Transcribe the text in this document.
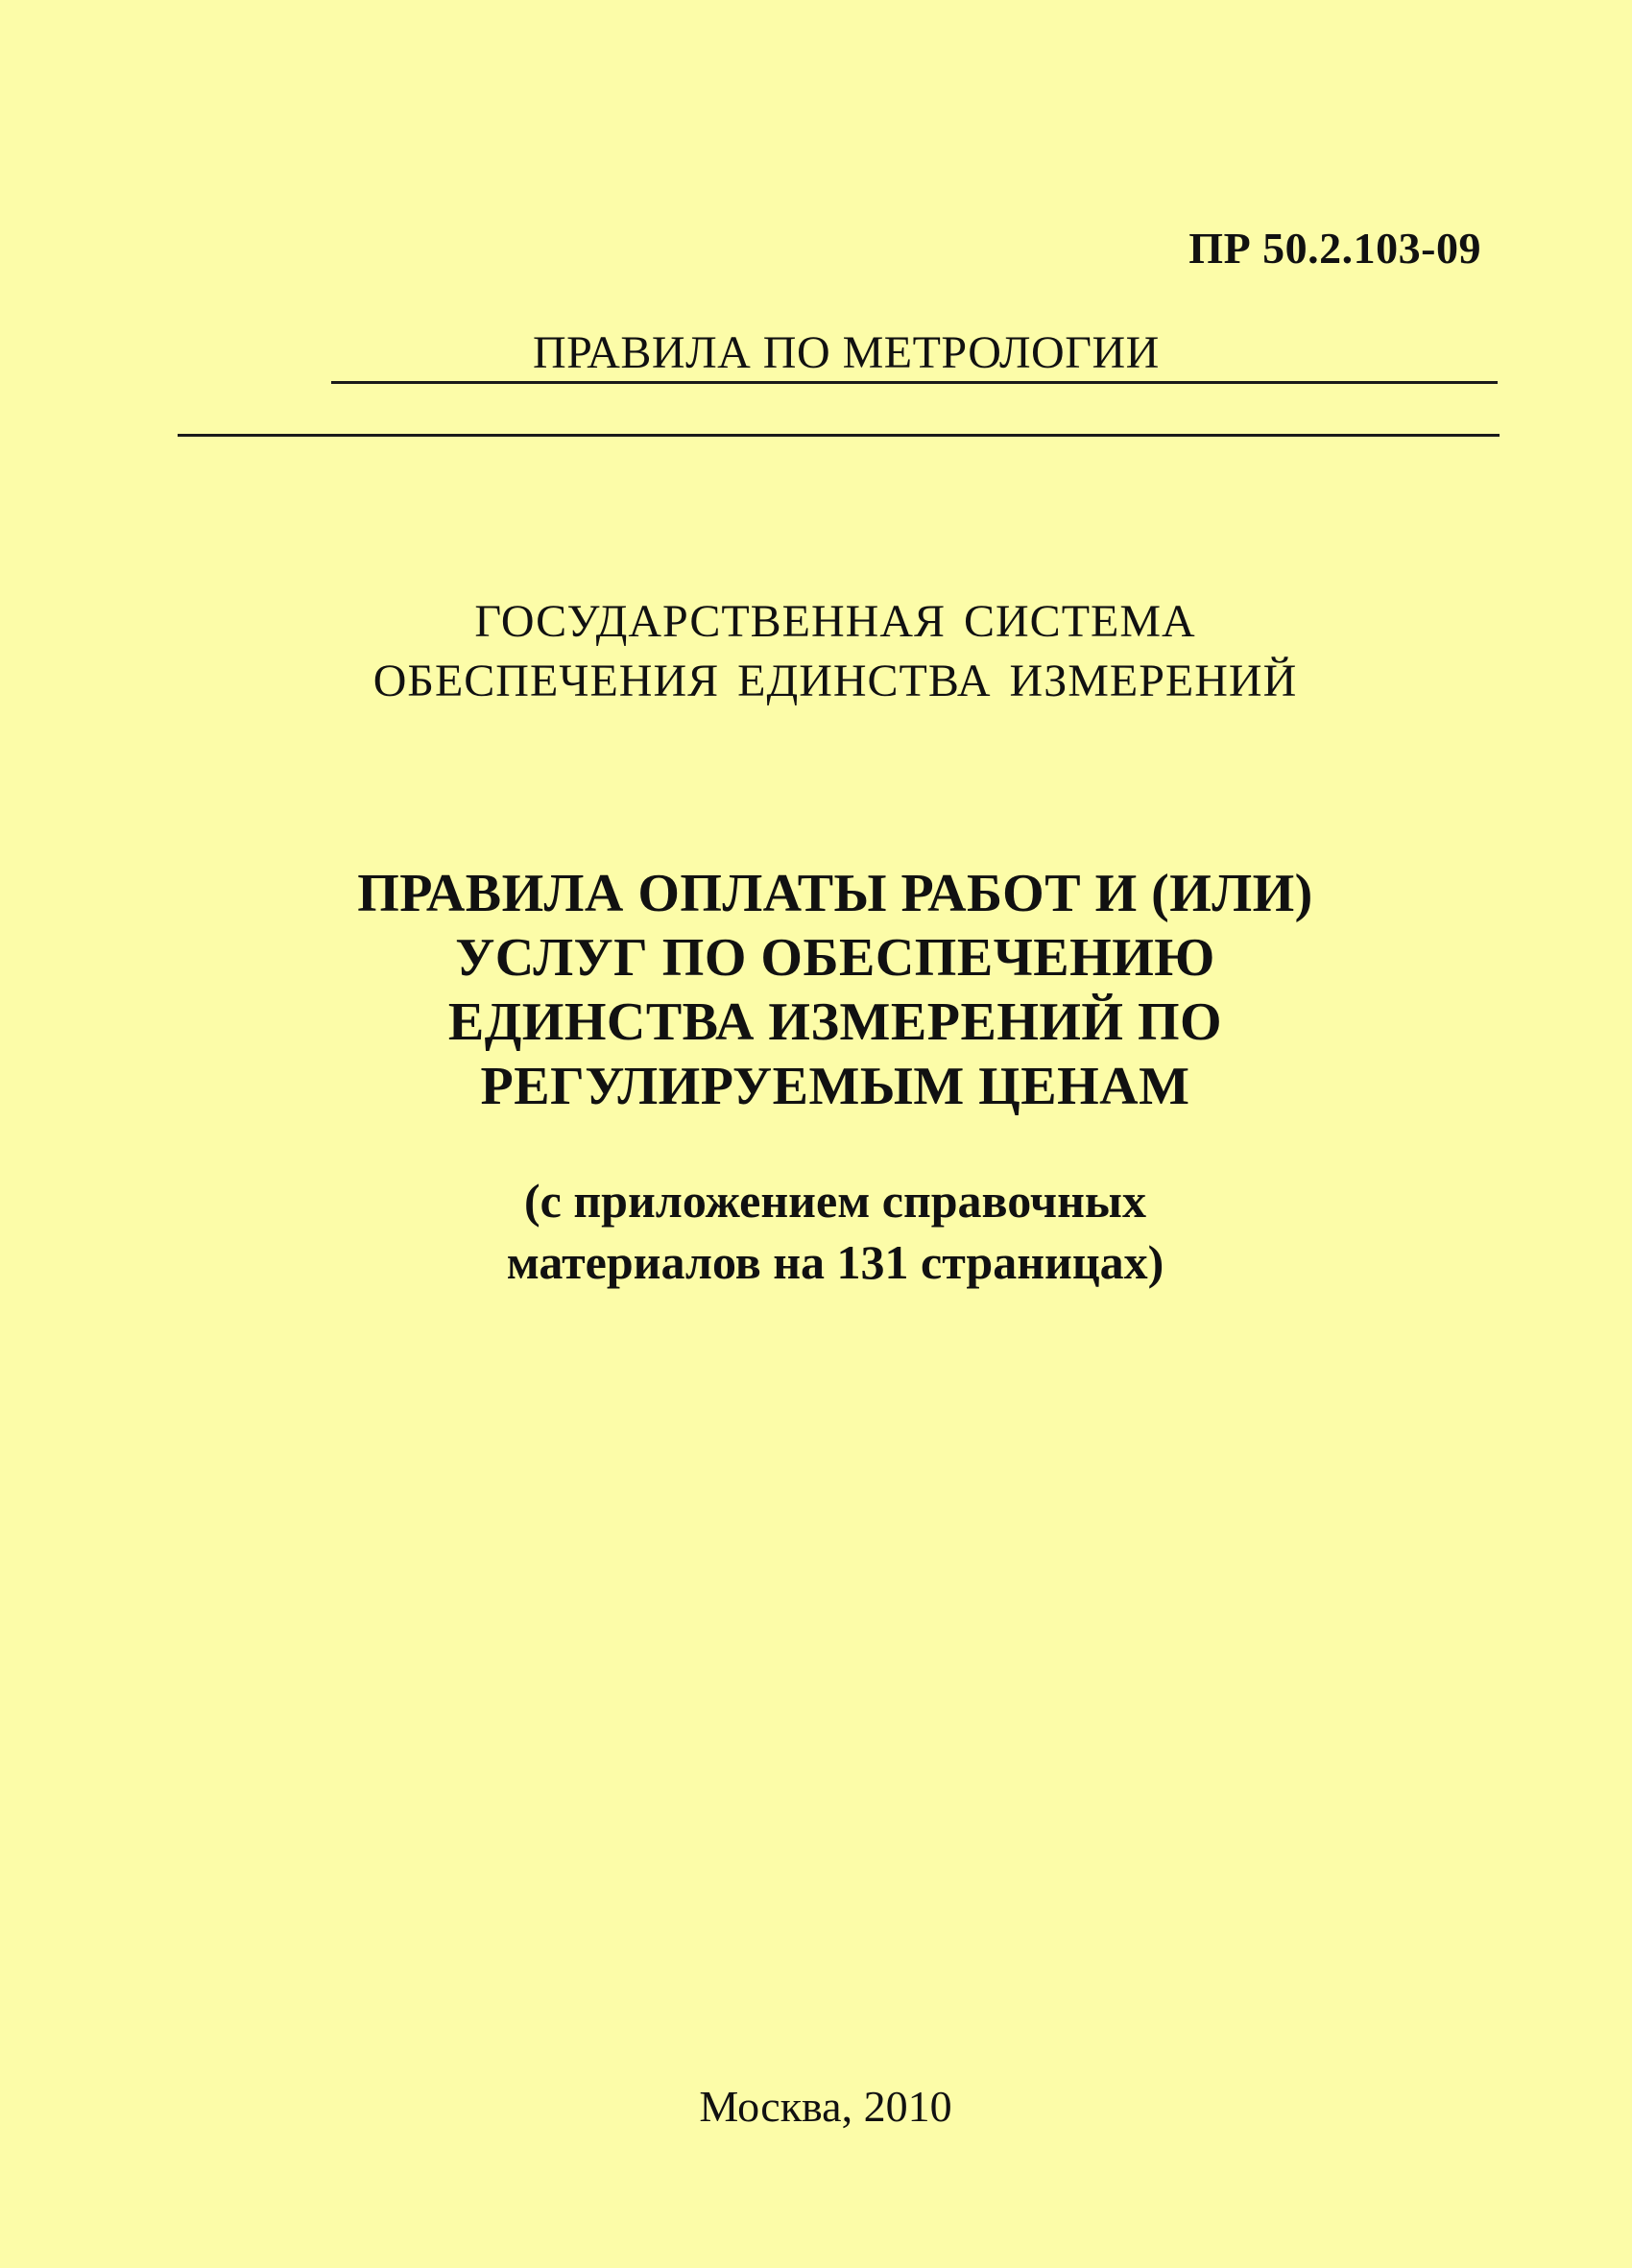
ПР 50.2.103-09
ПРАВИЛА ПО МЕТРОЛОГИИ
ГОСУДАРСТВЕННАЯ СИСТЕМА
ОБЕСПЕЧЕНИЯ ЕДИНСТВА ИЗМЕРЕНИЙ
ПРАВИЛА ОПЛАТЫ РАБОТ И (ИЛИ)
УСЛУГ ПО ОБЕСПЕЧЕНИЮ
ЕДИНСТВА ИЗМЕРЕНИЙ ПО
РЕГУЛИРУЕМЫМ ЦЕНАМ
(с приложением справочных
материалов на 131 страницах)
Москва, 2010
